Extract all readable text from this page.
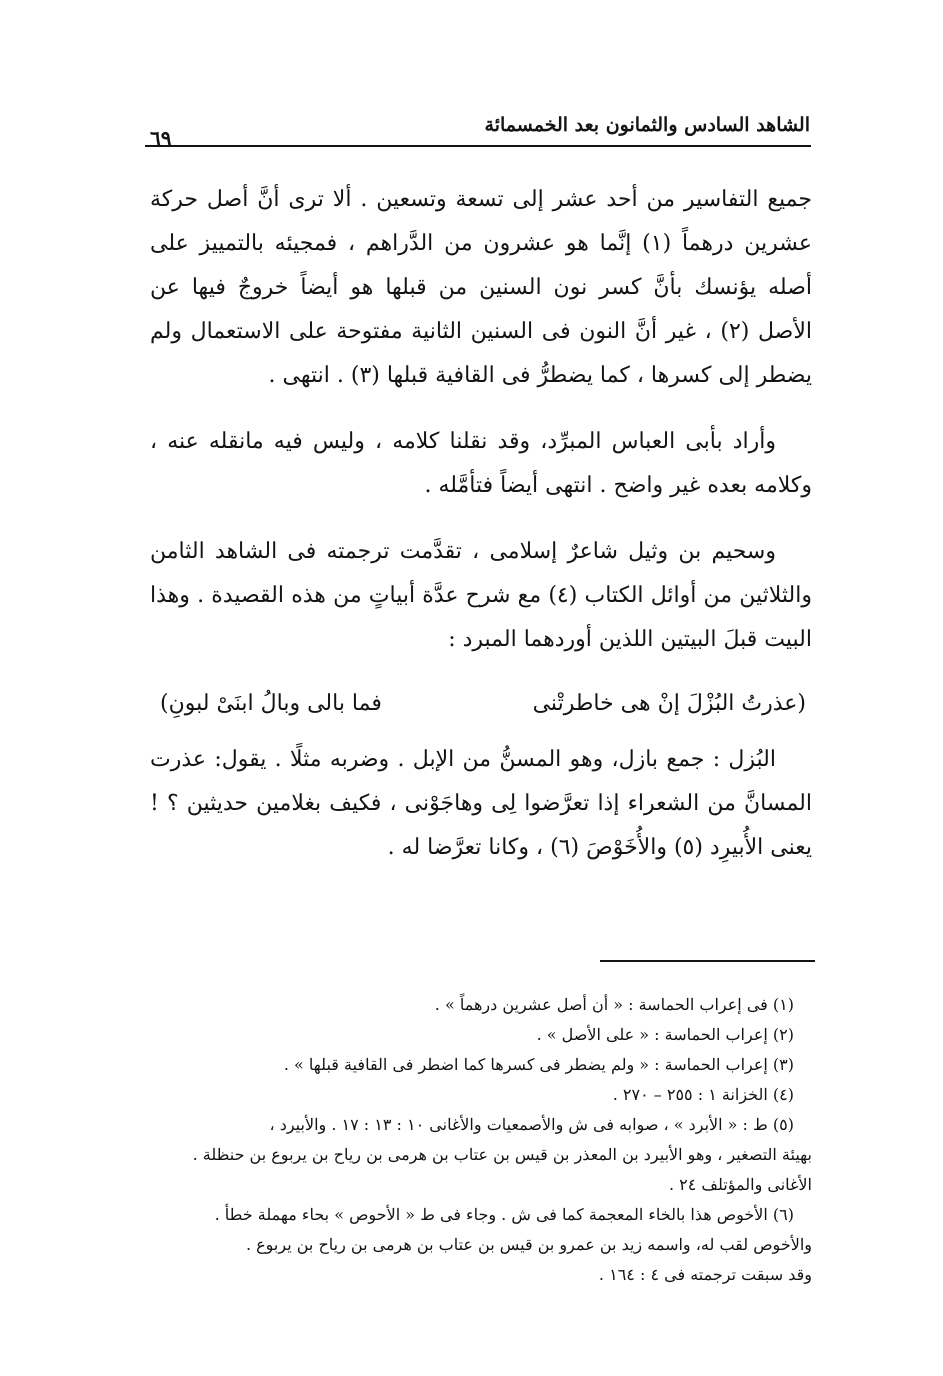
الشاهد السادس والثمانون بعد الخمسمائة
٦٩

جميع التفاسير من أحد عشر إلى تسعة وتسعين . ألا ترى أنَّ أصل حركة عشرين درهماً (١) إنَّما هو عشرون من الدَّراهم ، فمجيئه بالتمييز على أصله يؤنسك بأنَّ كسر نون السنين من قبلها هو أيضاً خروجٌ فيها عن الأصل (٢) ، غير أنَّ النون فى السنين الثانية مفتوحة على الاستعمال ولم يضطر إلى كسرها ، كما يضطرُّ فى القافية قبلها (٣) . انتهى .

وأراد بأبى العباس المبرِّد، وقد نقلنا كلامه ، وليس فيه مانقله عنه ، وكلامه بعده غير واضح . انتهى أيضاً فتأمَّله .

وسحيم بن وثيل شاعرٌ إسلامى ، تقدَّمت ترجمته فى الشاهد الثامن والثلاثين من أوائل الكتاب (٤) مع شرح عدَّة أبياتٍ من هذه القصيدة . وهذا البيت قبلَ البيتين اللذين أوردهما المبرد :

(عذرتُ البُزْلَ إنْ هى خاطرتْنى
فما بالى وبالُ ابنَىْ لبونِ)

البُزل : جمع بازل، وهو المسنُّ من الإبل . وضربه مثلًا . يقول: عذرت المسانَّ من الشعراء إذا تعرَّضوا لِى وهاجَوْنى ، فكيف بغلامين حديثين ؟ ! يعنى الأُبيرِد (٥) والأُخَوْصَ (٦) ، وكانا تعرَّضا له .

(١) فى إعراب الحماسة : « أن أصل عشرين درهماً » .

(٢) إعراب الحماسة : « على الأصل » .

(٣) إعراب الحماسة : « ولم يضطر فى كسرها كما اضطر فى القافية قبلها » .

(٤) الخزانة ١ : ٢٥٥ – ٢٧٠ .

(٥) ط : « الأبرد » ، صوابه فى ش والأصمعيات والأغانى ١٠ : ١٣ : ١٧ . والأبيرد ،

بهيئة التصغير ، وهو الأبيرد بن المعذر بن قيس بن عتاب بن هرمى بن رياح بن يربوع بن حنظلة .

الأغانى والمؤتلف ٢٤ .

(٦) الأخوص هذا بالخاء المعجمة كما فى ش . وجاء فى ط « الأحوص » بحاء مهملة خطأ .

والأخوص لقب له، واسمه زيد بن عمرو بن قيس بن عتاب بن هرمى بن رياح بن يربوع .

وقد سبقت ترجمته فى ٤ : ١٦٤ .
